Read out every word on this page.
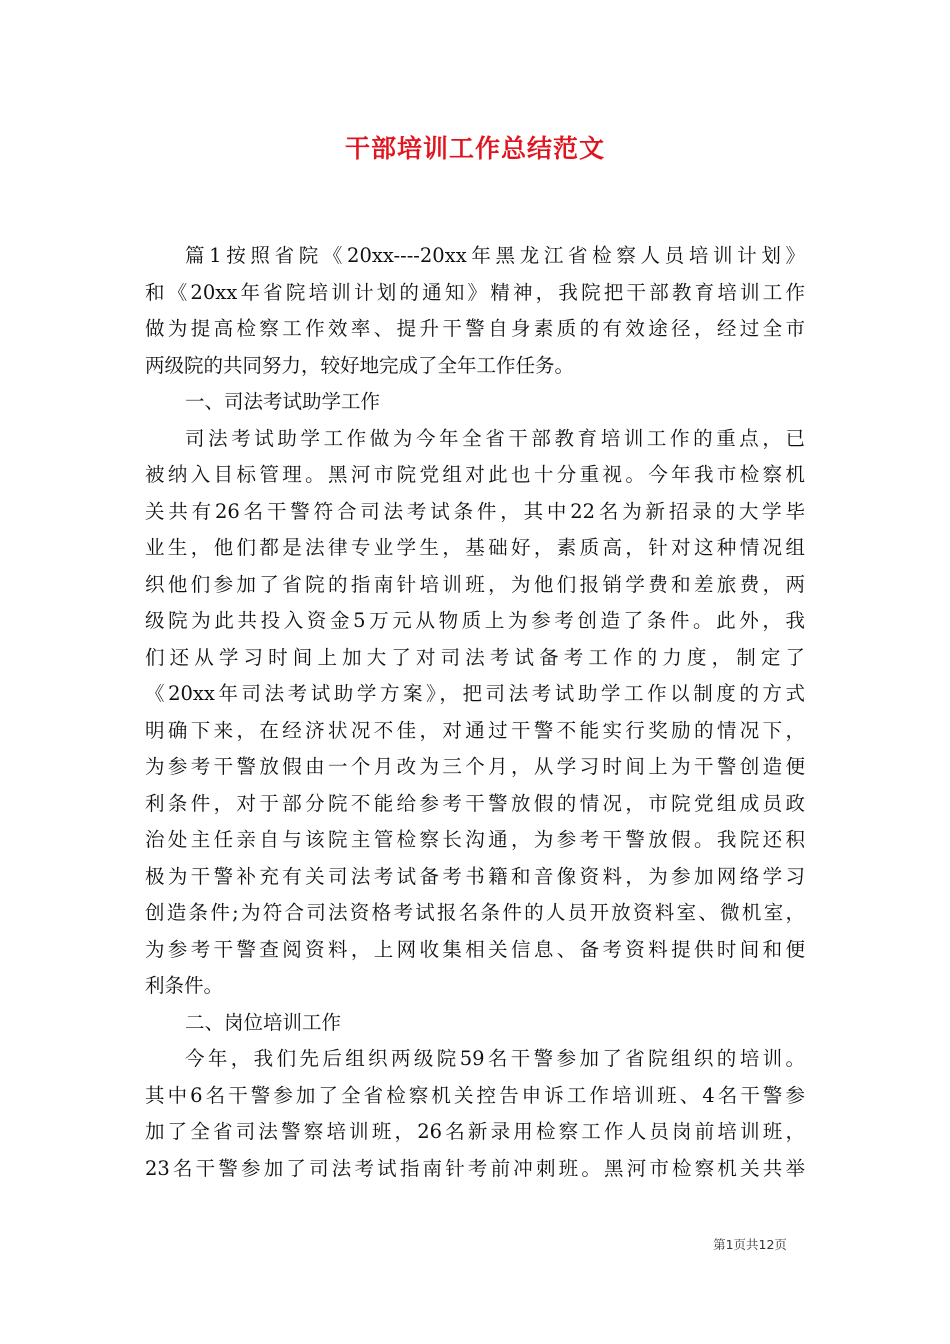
干部培训工作总结范文
篇1按照省院《20xx----20xx年黑龙江省检察人员培训计划》
和《20xx年省院培训计划的通知》精神，我院把干部教育培训工作
做为提高检察工作效率、提升干警自身素质的有效途径，经过全市
两级院的共同努力，较好地完成了全年工作任务。
一、司法考试助学工作
司法考试助学工作做为今年全省干部教育培训工作的重点，已
被纳入目标管理。黑河市院党组对此也十分重视。今年我市检察机
关共有26名干警符合司法考试条件，其中22名为新招录的大学毕
业生，他们都是法律专业学生，基础好，素质高，针对这种情况组
织他们参加了省院的指南针培训班，为他们报销学费和差旅费，两
级院为此共投入资金5万元从物质上为参考创造了条件。此外，我
们还从学习时间上加大了对司法考试备考工作的力度，制定了
《20xx年司法考试助学方案》，把司法考试助学工作以制度的方式
明确下来，在经济状况不佳，对通过干警不能实行奖励的情况下，
为参考干警放假由一个月改为三个月，从学习时间上为干警创造便
利条件，对于部分院不能给参考干警放假的情况，市院党组成员政
治处主任亲自与该院主管检察长沟通，为参考干警放假。我院还积
极为干警补充有关司法考试备考书籍和音像资料，为参加网络学习
创造条件;为符合司法资格考试报名条件的人员开放资料室、微机室，
为参考干警查阅资料，上网收集相关信息、备考资料提供时间和便
利条件。
二、岗位培训工作
今年，我们先后组织两级院59名干警参加了省院组织的培训。
其中6名干警参加了全省检察机关控告申诉工作培训班、4名干警参
加了全省司法警察培训班，26名新录用检察工作人员岗前培训班，
23名干警参加了司法考试指南针考前冲刺班。黑河市检察机关共举
第1页共12页
